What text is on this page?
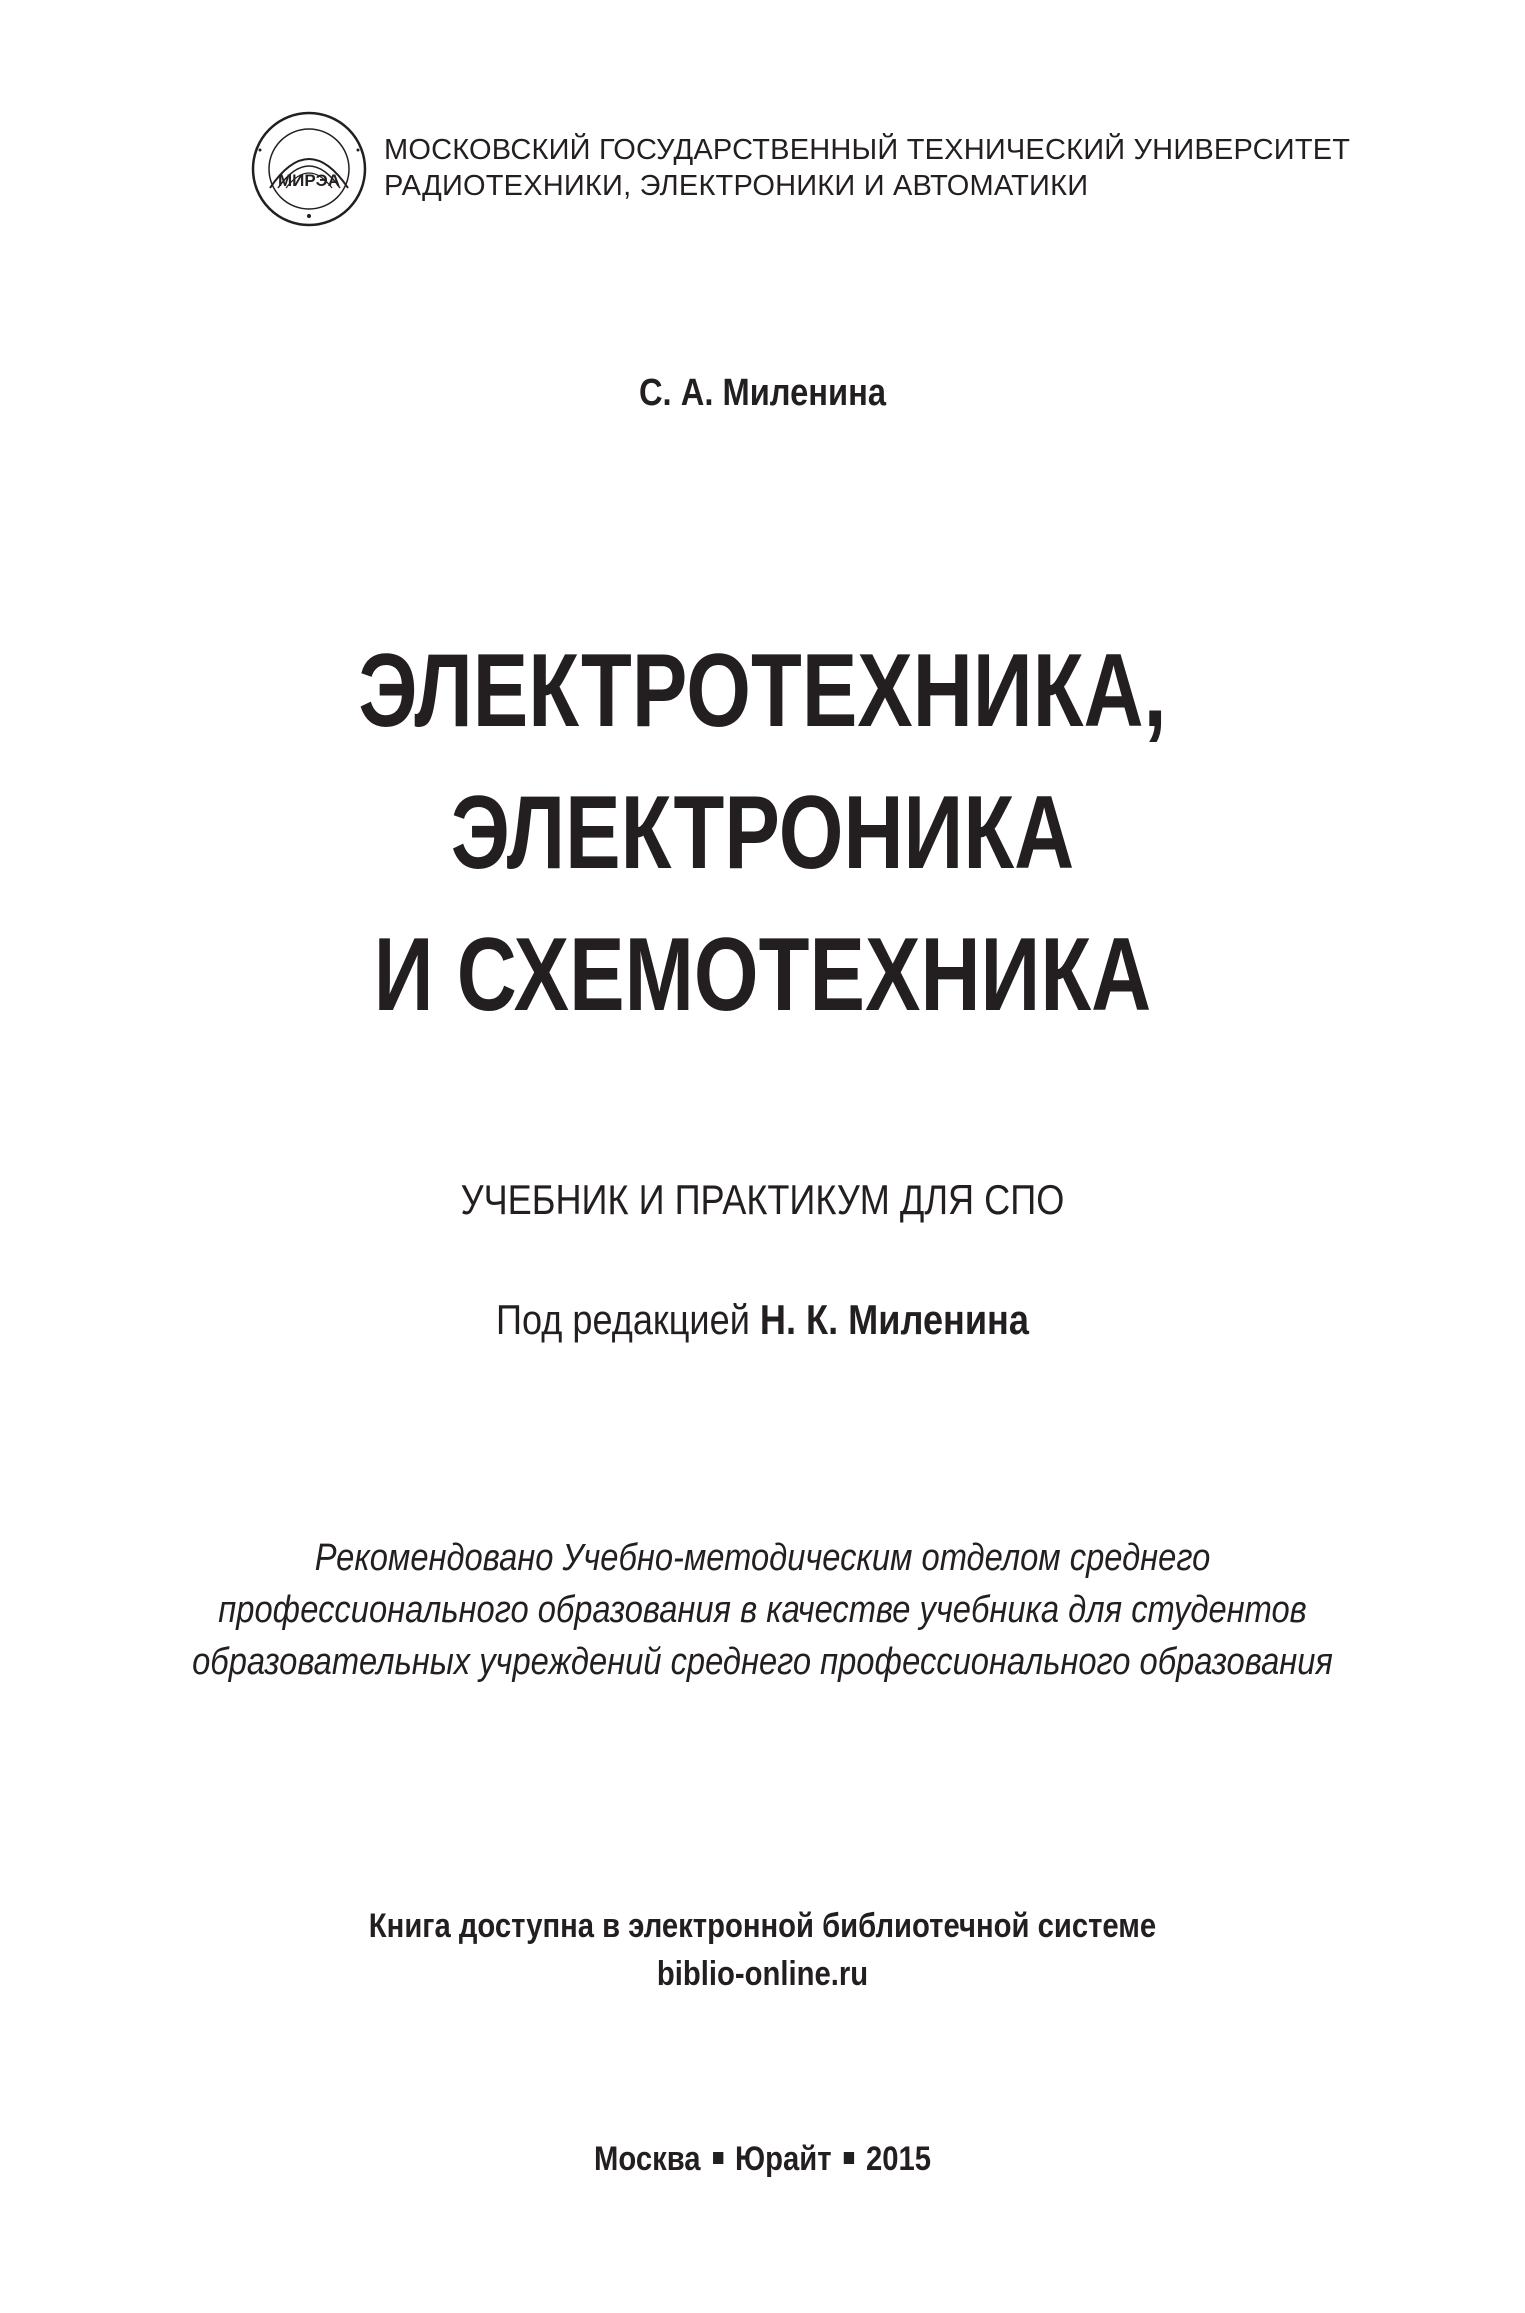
МИРЭА
МОСКОВСКИЙ ГОСУДАРСТВЕННЫЙ ТЕХНИЧЕСКИЙ УНИВЕРСИТЕТ
РАДИОТЕХНИКИ, ЭЛЕКТРОНИКИ И АВТОМАТИКИ
С. А. Миленина
ЭЛЕКТРОТЕХНИКА,
ЭЛЕКТРОНИКА
И СХЕМОТЕХНИКА
УЧЕБНИК И ПРАКТИКУМ ДЛЯ СПО
Под редакцией Н. К. Миленина
Рекомендовано Учебно-методическим отделом среднего
профессионального образования в качестве учебника для студентов
образовательных учреждений среднего профессионального образования
Книга доступна в электронной библиотечной системе
biblio-online.ru
Москва Юрайт 2015
